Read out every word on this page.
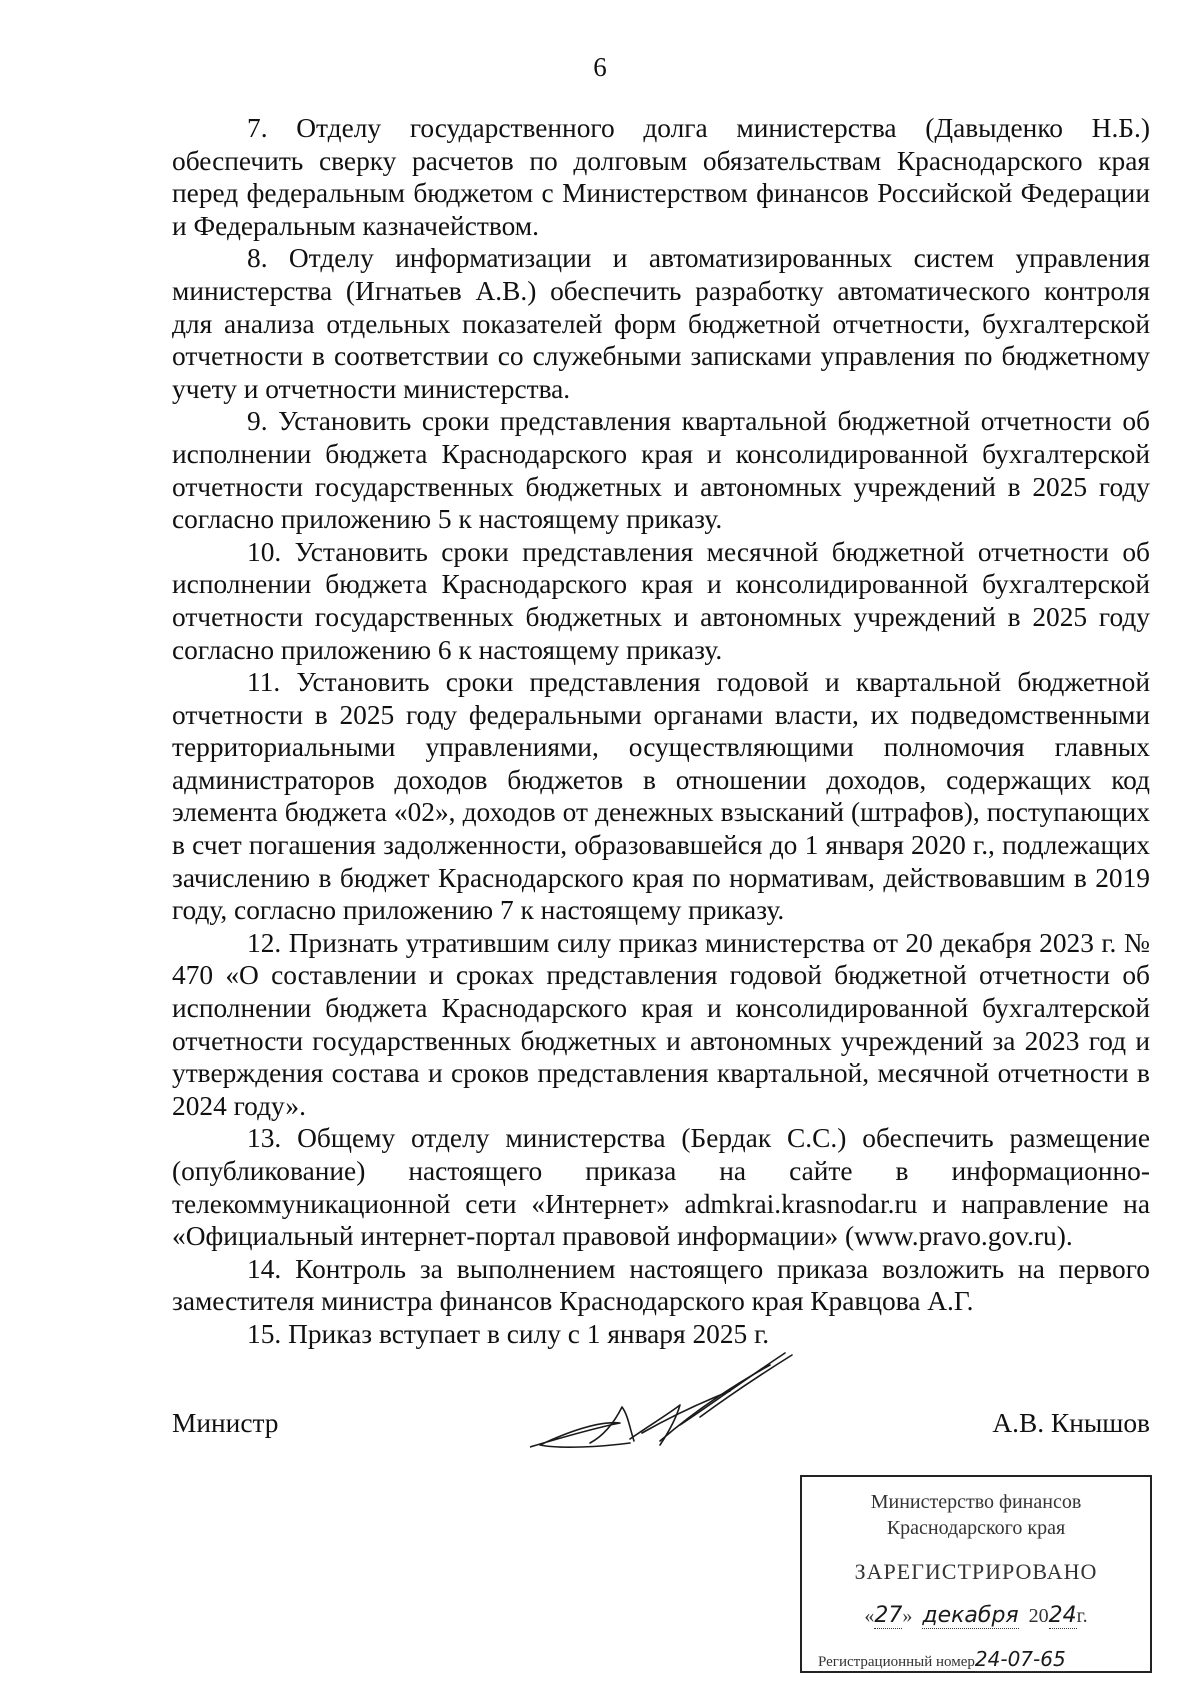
6

7. Отделу государственного долга министерства (Давыденко Н.Б.) обеспечить сверку расчетов по долговым обязательствам Краснодарского края перед федеральным бюджетом с Министерством финансов Российской Федерации и Федеральным казначейством.

8. Отделу информатизации и автоматизированных систем управления министерства (Игнатьев А.В.) обеспечить разработку автоматического контроля для анализа отдельных показателей форм бюджетной отчетности, бухгалтерской отчетности в соответствии со служебными записками управления по бюджетному учету и отчетности министерства.

9. Установить сроки представления квартальной бюджетной отчетности об исполнении бюджета Краснодарского края и консолидированной бухгалтерской отчетности государственных бюджетных и автономных учреждений в 2025 году согласно приложению 5 к настоящему приказу.

10. Установить сроки представления месячной бюджетной отчетности об исполнении бюджета Краснодарского края и консолидированной бухгалтерской отчетности государственных бюджетных и автономных учреждений в 2025 году согласно приложению 6 к настоящему приказу.

11. Установить сроки представления годовой и квартальной бюджетной отчетности в 2025 году федеральными органами власти, их подведомственными территориальными управлениями, осуществляющими полномочия главных администраторов доходов бюджетов в отношении доходов, содержащих код элемента бюджета «02», доходов от денежных взысканий (штрафов), поступающих в счет погашения задолженности, образовавшейся до 1 января 2020 г., подлежащих зачислению в бюджет Краснодарского края по нормативам, действовавшим в 2019 году, согласно приложению 7 к настоящему приказу.

12. Признать утратившим силу приказ министерства от 20 декабря 2023 г. № 470 «О составлении и сроках представления годовой бюджетной отчетности об исполнении бюджета Краснодарского края и консолидированной бухгалтерской отчетности государственных бюджетных и автономных учреждений за 2023 год и утверждения состава и сроков представления квартальной, месячной отчетности в 2024 году».

13. Общему отделу министерства (Бердак С.С.) обеспечить размещение (опубликование) настоящего приказа на сайте в информационно-телекоммуникационной сети «Интернет» admkrai.krasnodar.ru и направление на «Официальный интернет-портал правовой информации» (www.pravo.gov.ru).

14. Контроль за выполнением настоящего приказа возложить на первого заместителя министра финансов Краснодарского края Кравцова А.Г.

15. Приказ вступает в силу с 1 января 2025 г.

Министр	А.В. Кнышов
Министерство финансов
Краснодарского края
ЗАРЕГИСТРИРОВАНО
«27» декабря 2024г.
Регистрационный номер24-07-65
